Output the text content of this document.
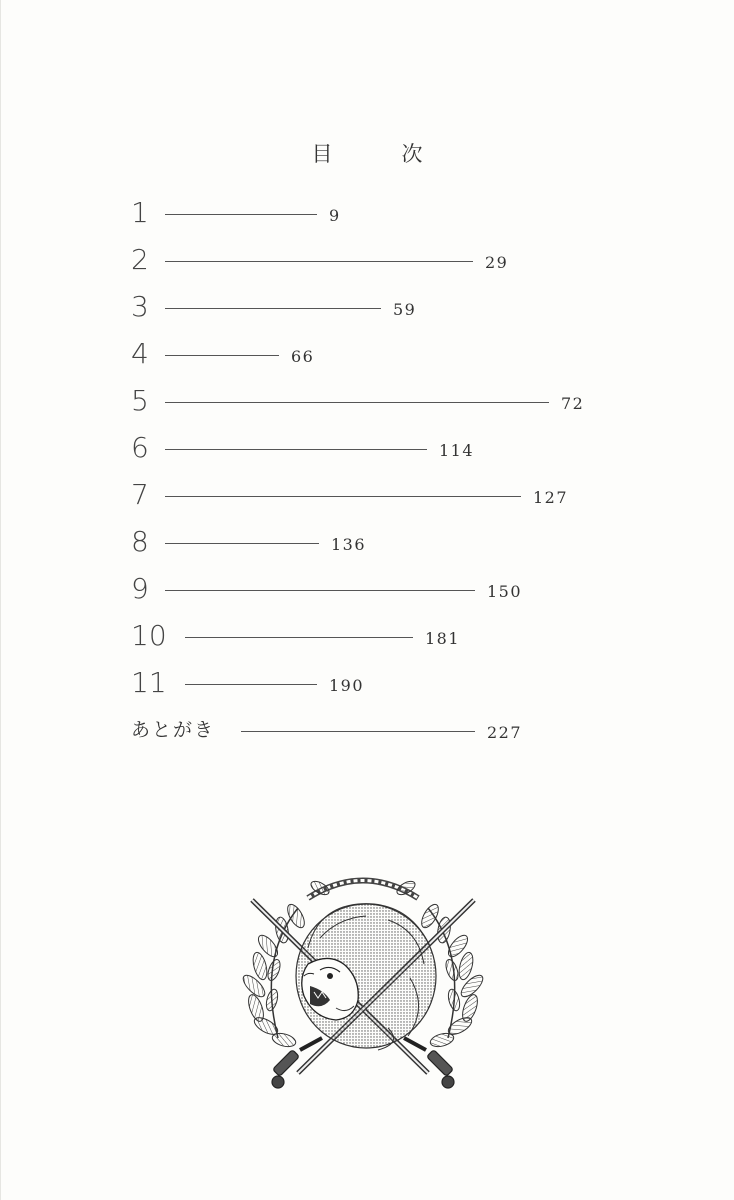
目　次
1	9
2	29
3	59
4	66
5	72
6	114
7	127
8	136
9	150
10	181
11	190
あとがき	227
